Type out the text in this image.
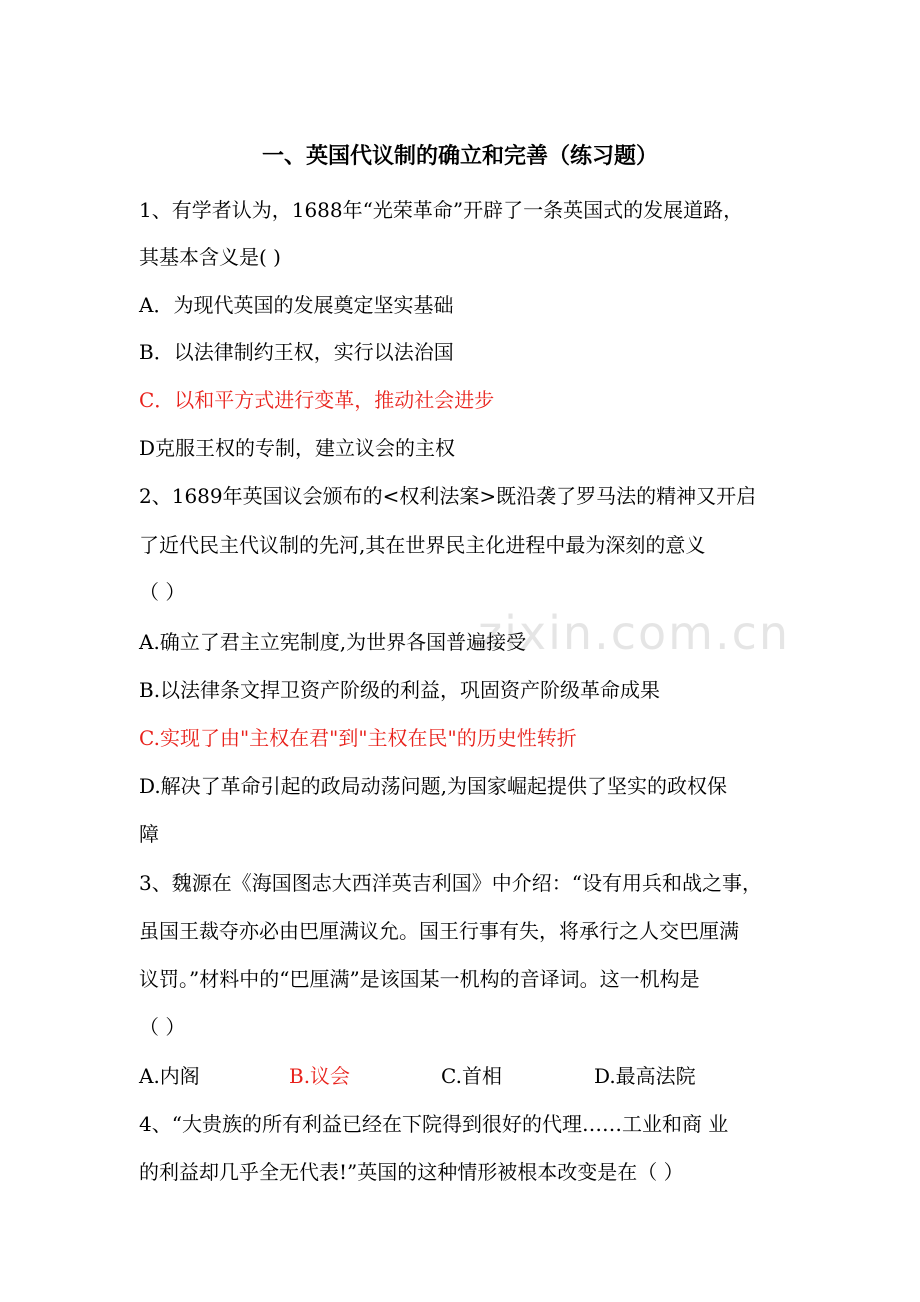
一、英国代议制的确立和完善（练习题）
zixin.com.cn
1、有学者认为，1688年“光荣革命”开辟了一条英国式的发展道路，
其基本含义是( )
A．为现代英国的发展奠定坚实基础
B．以法律制约王权，实行以法治国
C．以和平方式进行变革，推动社会进步
D克服王权的专制，建立议会的主权
2、1689年英国议会颁布的<权利法案>既沿袭了罗马法的精神又开启
了近代民主代议制的先河,其在世界民主化进程中最为深刻的意义
（ ）
A.确立了君主立宪制度,为世界各国普遍接受
B.以法律条文捍卫资产阶级的利益，巩固资产阶级革命成果
C.实现了由"主权在君"到"主权在民"的历史性转折
D.解决了革命引起的政局动荡问题,为国家崛起提供了坚实的政权保
障
3、魏源在《海国图志大西洋英吉利国》中介绍：“设有用兵和战之事，
虽国王裁夺亦必由巴厘满议允。国王行事有失，将承行之人交巴厘满
议罚。”材料中的“巴厘满”是该国某一机构的音译词。这一机构是
（ ）
A.内阁	B.议会	C.首相	D.最高法院
4、“大贵族的所有利益已经在下院得到很好的代理……工业和商 业
的利益却几乎全无代表!”英国的这种情形被根本改变是在（ ）
